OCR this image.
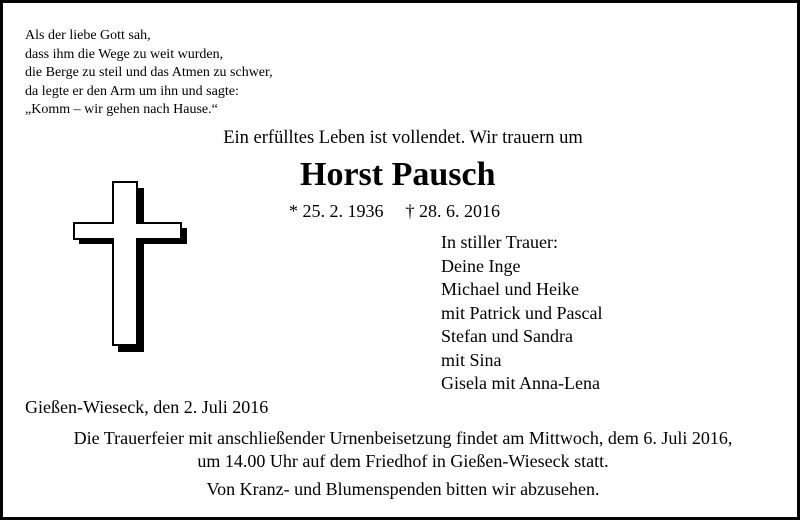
Als der liebe Gott sah,
dass ihm die Wege zu weit wurden,
die Berge zu steil und das Atmen zu schwer,
da legte er den Arm um ihn und sagte:
„Komm – wir gehen nach Hause.“
Ein erfülltes Leben ist vollendet. Wir trauern um
Horst Pausch
* 25. 2. 1936 † 28. 6. 2016
In stiller Trauer:
Deine Inge
Michael und Heike
mit Patrick und Pascal
Stefan und Sandra
mit Sina
Gisela mit Anna-Lena
Gießen-Wieseck, den 2. Juli 2016
Die Trauerfeier mit anschließender Urnenbeisetzung findet am Mittwoch, dem 6. Juli 2016,
um 14.00 Uhr auf dem Friedhof in Gießen-Wieseck statt.
Von Kranz- und Blumenspenden bitten wir abzusehen.
